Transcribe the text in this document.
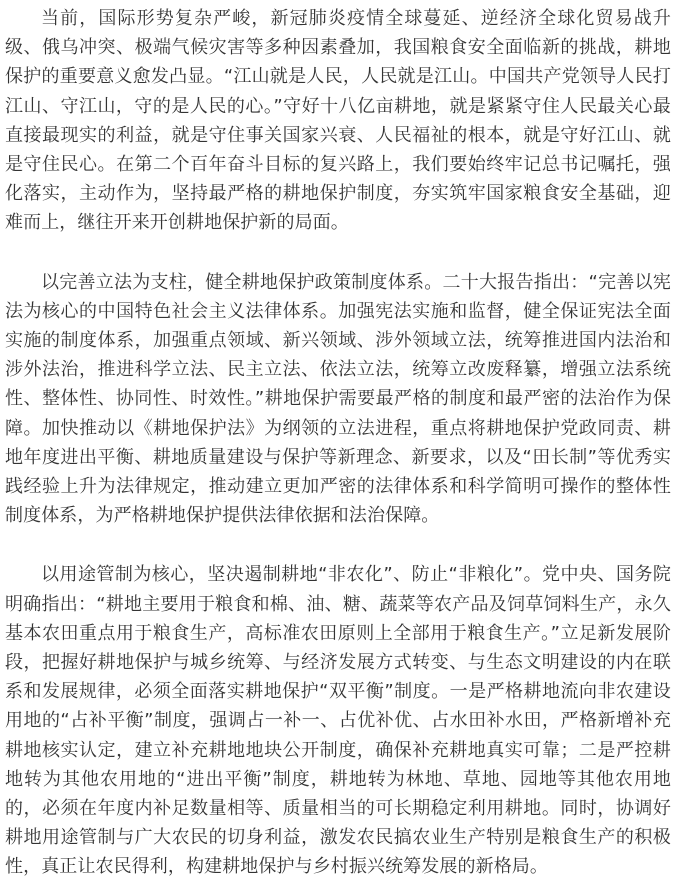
当前，国际形势复杂严峻，新冠肺炎疫情全球蔓延、逆经济全球化贸易战升级、俄乌冲突、极端气候灾害等多种因素叠加，我国粮食安全面临新的挑战，耕地保护的重要意义愈发凸显。“江山就是人民，人民就是江山。中国共产党领导人民打江山、守江山，守的是人民的心。”守好十八亿亩耕地，就是紧紧守住人民最关心最直接最现实的利益，就是守住事关国家兴衰、人民福祉的根本，就是守好江山、就是守住民心。在第二个百年奋斗目标的复兴路上，我们要始终牢记总书记嘱托，强化落实，主动作为，坚持最严格的耕地保护制度，夯实筑牢国家粮食安全基础，迎难而上，继往开来开创耕地保护新的局面。

以完善立法为支柱，健全耕地保护政策制度体系。二十大报告指出：“完善以宪法为核心的中国特色社会主义法律体系。加强宪法实施和监督，健全保证宪法全面实施的制度体系，加强重点领域、新兴领域、涉外领域立法，统筹推进国内法治和涉外法治，推进科学立法、民主立法、依法立法，统筹立改废释纂，增强立法系统性、整体性、协同性、时效性。”耕地保护需要最严格的制度和最严密的法治作为保障。加快推动以《耕地保护法》为纲领的立法进程，重点将耕地保护党政同责、耕地年度进出平衡、耕地质量建设与保护等新理念、新要求，以及“田长制”等优秀实践经验上升为法律规定，推动建立更加严密的法律体系和科学简明可操作的整体性制度体系，为严格耕地保护提供法律依据和法治保障。

以用途管制为核心，坚决遏制耕地“非农化”、防止“非粮化”。党中央、国务院明确指出：“耕地主要用于粮食和棉、油、糖、蔬菜等农产品及饲草饲料生产，永久基本农田重点用于粮食生产，高标准农田原则上全部用于粮食生产。”立足新发展阶段，把握好耕地保护与城乡统筹、与经济发展方式转变、与生态文明建设的内在联系和发展规律，必须全面落实耕地保护“双平衡”制度。一是严格耕地流向非农建设用地的“占补平衡”制度，强调占一补一、占优补优、占水田补水田，严格新增补充耕地核实认定，建立补充耕地地块公开制度，确保补充耕地真实可靠；二是严控耕地转为其他农用地的“进出平衡”制度，耕地转为林地、草地、园地等其他农用地的，必须在年度内补足数量相等、质量相当的可长期稳定利用耕地。同时，协调好耕地用途管制与广大农民的切身利益，激发农民搞农业生产特别是粮食生产的积极性，真正让农民得利，构建耕地保护与乡村振兴统筹发展的新格局。
